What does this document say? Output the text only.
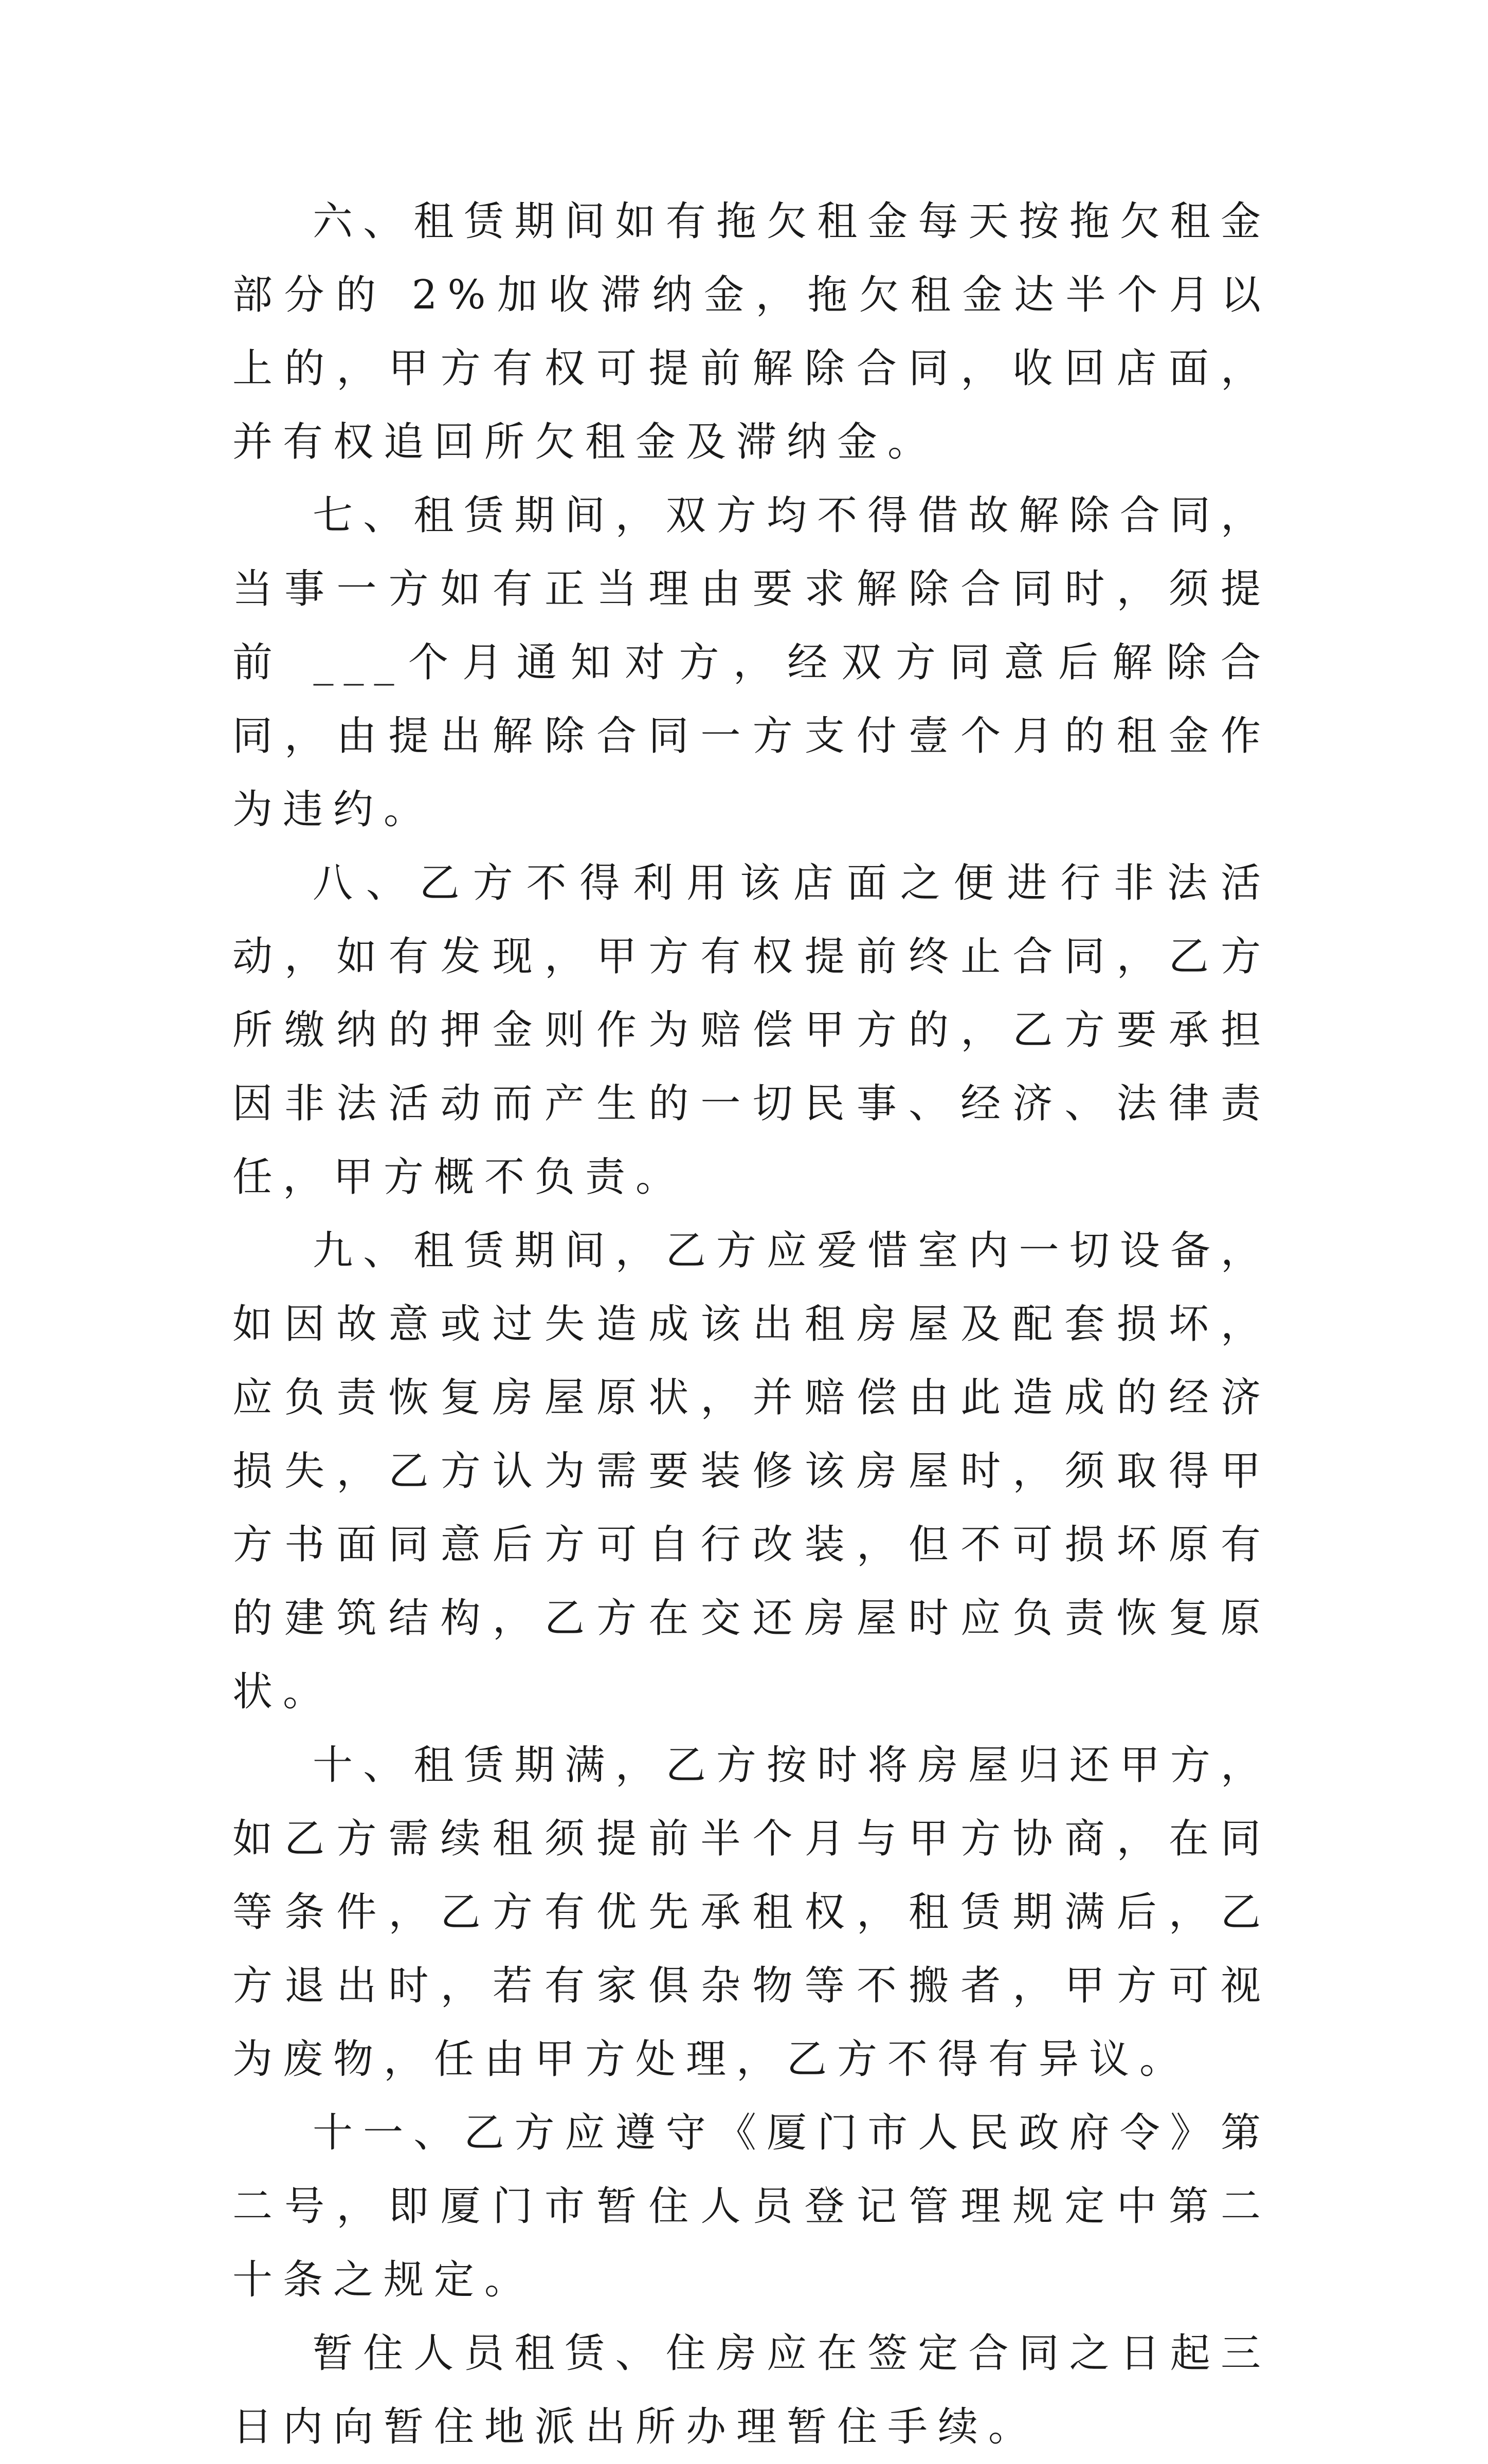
六、租赁期间如有拖欠租金每天按拖欠租金部分的 2%加收滞纳金，拖欠租金达半个月以上的，甲方有权可提前解除合同，收回店面，并有权追回所欠租金及滞纳金。

七、租赁期间，双方均不得借故解除合同，当事一方如有正当理由要求解除合同时，须提前 ___个月通知对方，经双方同意后解除合同，由提出解除合同一方支付壹个月的租金作为违约。

八、乙方不得利用该店面之便进行非法活动，如有发现，甲方有权提前终止合同，乙方所缴纳的押金则作为赔偿甲方的，乙方要承担因非法活动而产生的一切民事、经济、法律责任，甲方概不负责。

九、租赁期间，乙方应爱惜室内一切设备，如因故意或过失造成该出租房屋及配套损坏，应负责恢复房屋原状，并赔偿由此造成的经济损失，乙方认为需要装修该房屋时，须取得甲方书面同意后方可自行改装，但不可损坏原有的建筑结构，乙方在交还房屋时应负责恢复原状。

十、租赁期满，乙方按时将房屋归还甲方，如乙方需续租须提前半个月与甲方协商，在同等条件，乙方有优先承租权，租赁期满后，乙方退出时，若有家俱杂物等不搬者，甲方可视为废物，任由甲方处理，乙方不得有异议。

十一、乙方应遵守《厦门市人民政府令》第二号，即厦门市暂住人员登记管理规定中第二十条之规定。

暂住人员租赁、住房应在签定合同之日起三日内向暂住地派出所办理暂住手续。
